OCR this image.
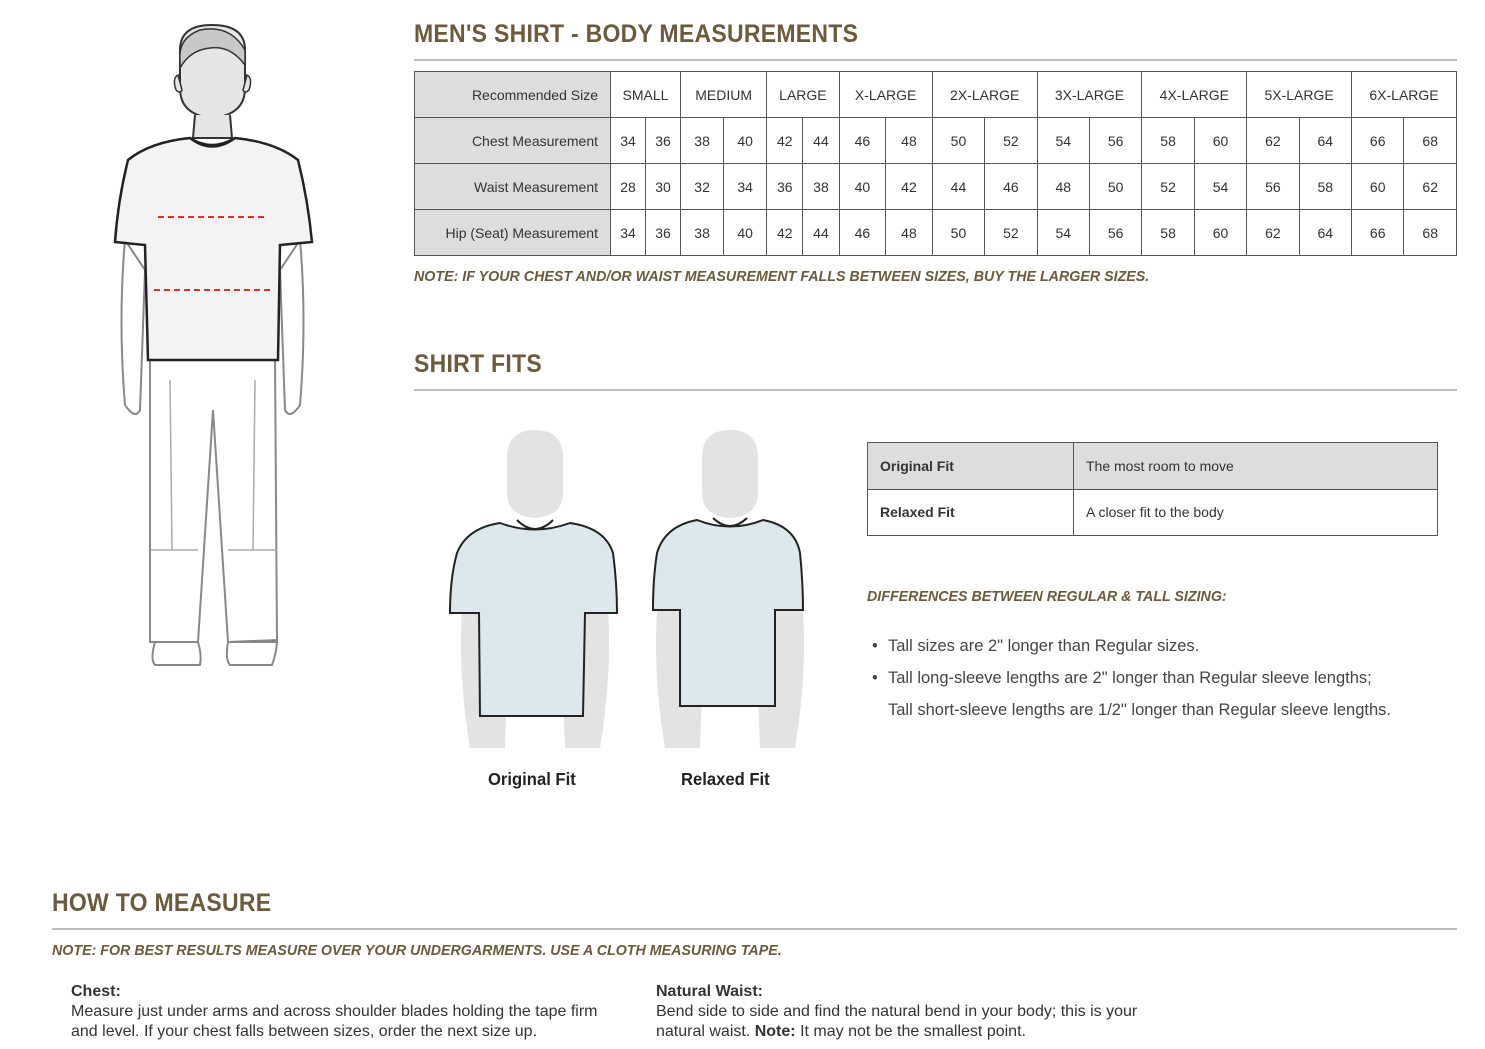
MEN'S SHIRT - BODY MEASUREMENTS
Recommended Size	SMALL		MEDIUM		LARGE		X-LARGE		2X-LARGE		3X-LARGE		4X-LARGE		5X-LARGE		6X-LARGE	
Chest Measurement	34	36	38	40	42	44	46	48	50	52	54	56	58	60	62	64	66	68
Waist Measurement	28	30	32	34	36	38	40	42	44	46	48	50	52	54	56	58	60	62
Hip (Seat) Measurement	34	36	38	40	42	44	46	48	50	52	54	56	58	60	62	64	66	68
NOTE: IF YOUR CHEST AND/OR WAIST MEASUREMENT FALLS BETWEEN SIZES, BUY THE LARGER SIZES.
SHIRT FITS
Original Fit	Relaxed Fit
Original Fit	The most room to move
Relaxed Fit	A closer fit to the body
DIFFERENCES BETWEEN REGULAR & TALL SIZING:
• Tall sizes are 2" longer than Regular sizes.
• Tall long-sleeve lengths are 2" longer than Regular sleeve lengths;
Tall short-sleeve lengths are 1/2" longer than Regular sleeve lengths.
HOW TO MEASURE
NOTE: FOR BEST RESULTS MEASURE OVER YOUR UNDERGARMENTS. USE A CLOTH MEASURING TAPE.
Chest:
Measure just under arms and across shoulder blades holding the tape firm
and level. If your chest falls between sizes, order the next size up.
Natural Waist:
Bend side to side and find the natural bend in your body; this is your
natural waist. Note: It may not be the smallest point.
